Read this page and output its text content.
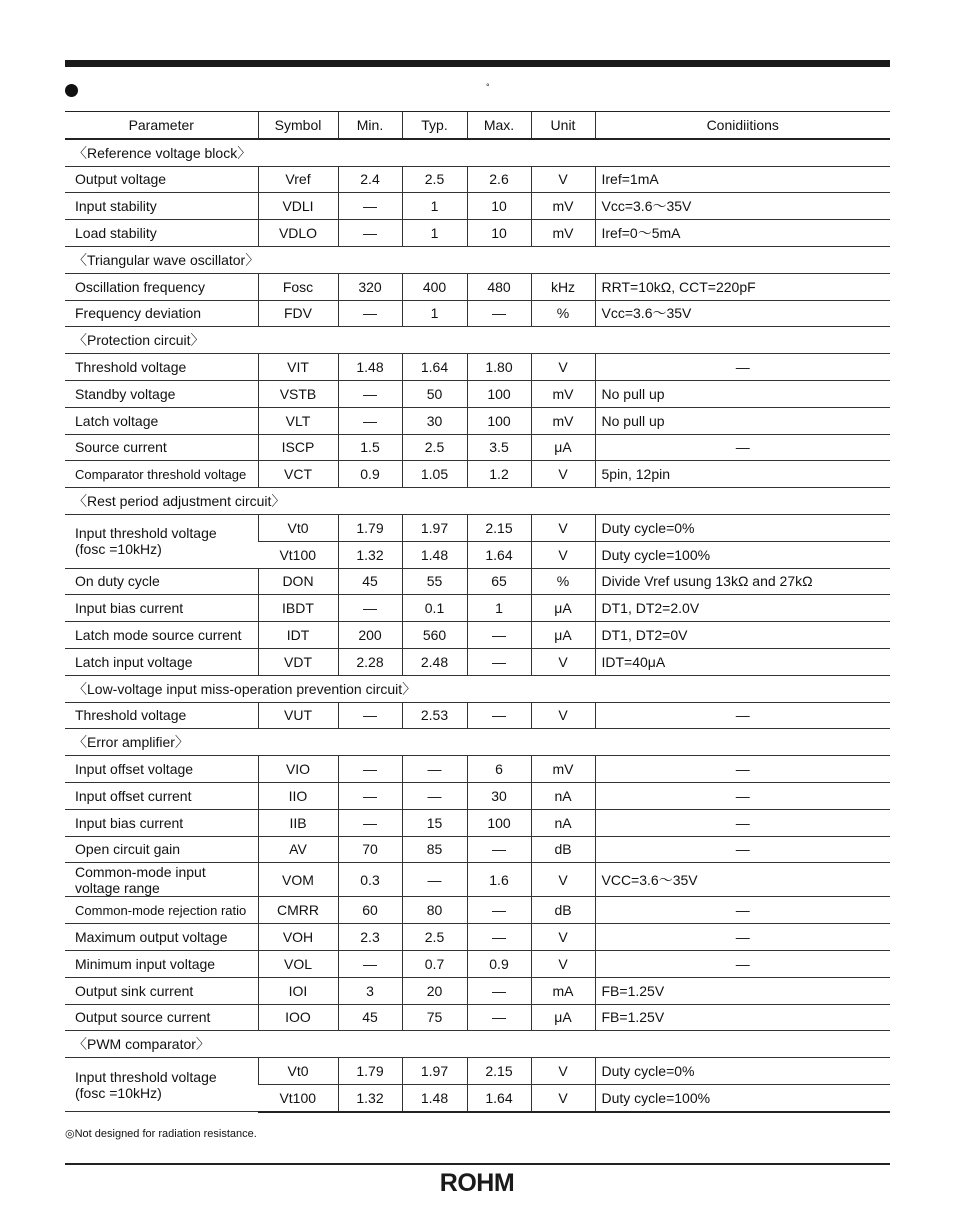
°
Parameter	Symbol	Min.	Typ.	Max.	Unit	Conidiitions
〈Reference voltage block〉						
Output voltage	Vref	2.4	2.5	2.6	V	Iref=1mA
Input stability	VDLI	—	1	10	mV	Vcc=3.6〜35V
Load stability	VDLO	—	1	10	mV	Iref=0〜5mA
〈Triangular wave oscillator〉						
Oscillation frequency	Fosc	320	400	480	kHz	RRT=10kΩ, CCT=220pF
Frequency deviation	FDV	—	1	—	%	Vcc=3.6〜35V
〈Protection circuit〉						
Threshold voltage	VIT	1.48	1.64	1.80	V	—
Standby voltage	VSTB	—	50	100	mV	No pull up
Latch voltage	VLT	—	30	100	mV	No pull up
Source current	ISCP	1.5	2.5	3.5	μA	—
Comparator threshold voltage	VCT	0.9	1.05	1.2	V	5pin, 12pin
〈Rest period adjustment circuit〉						
Input threshold voltage
(fosc =10kHz)	Vt0	1.79	1.97	2.15	V	Duty cycle=0%
	Vt100	1.32	1.48	1.64	V	Duty cycle=100%
On duty cycle	DON	45	55	65	%	Divide Vref usung 13kΩ and 27kΩ
Input bias current	IBDT	—	0.1	1	μA	DT1, DT2=2.0V
Latch mode source current	IDT	200	560	—	μA	DT1, DT2=0V
Latch input voltage	VDT	2.28	2.48	—	V	IDT=40μA
〈Low-voltage input miss-operation prevention circuit〉						
Threshold voltage	VUT	—	2.53	—	V	—
〈Error amplifier〉						
Input offset voltage	VIO	—	—	6	mV	—
Input offset current	IIO	—	—	30	nA	—
Input bias current	IIB	—	15	100	nA	—
Open circuit gain	AV	70	85	—	dB	—
Common-mode input
voltage range	VOM	0.3	—	1.6	V	VCC=3.6〜35V
Common-mode rejection ratio	CMRR	60	80	—	dB	—
Maximum output voltage	VOH	2.3	2.5	—	V	—
Minimum input voltage	VOL	—	0.7	0.9	V	—
Output sink current	IOI	3	20	—	mA	FB=1.25V
Output source current	IOO	45	75	—	μA	FB=1.25V
〈PWM comparator〉						
Input threshold voltage
(fosc =10kHz)	Vt0	1.79	1.97	2.15	V	Duty cycle=0%
	Vt100	1.32	1.48	1.64	V	Duty cycle=100%
◎Not designed for radiation resistance.
ROHM
